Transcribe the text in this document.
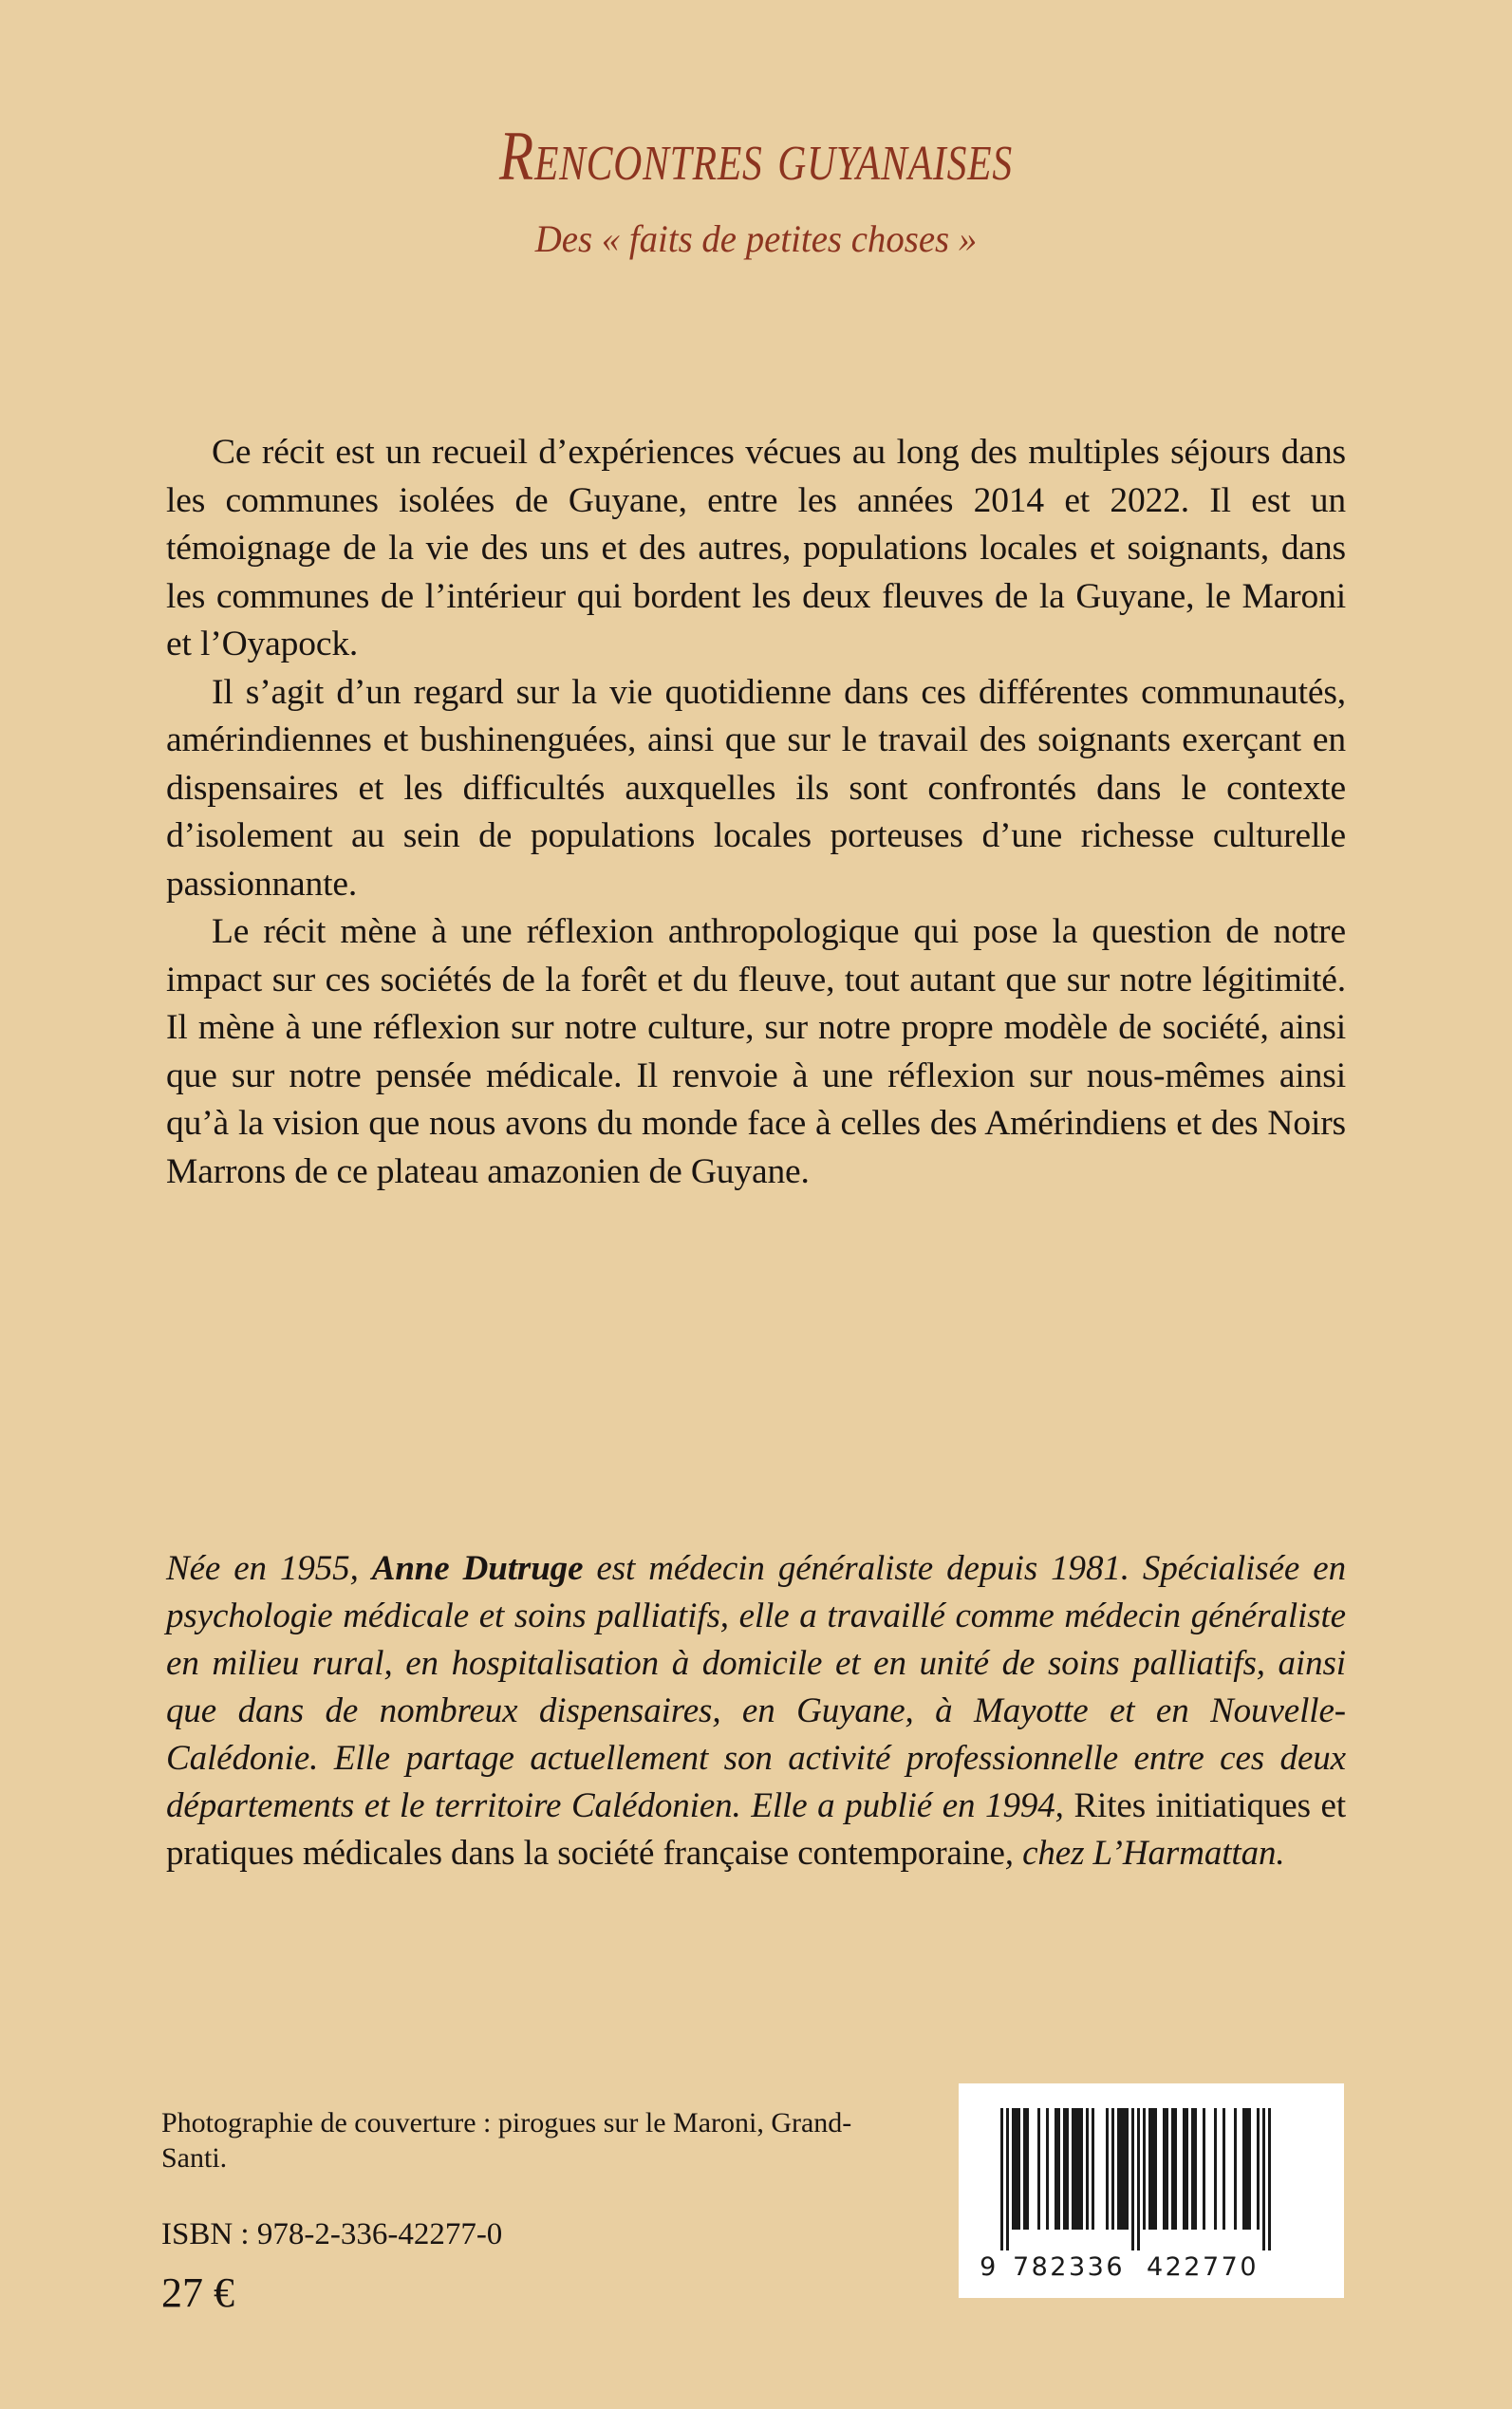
Rencontres guyanaises
Des « faits de petites choses »

Ce récit est un recueil d’expériences vécues au long des multiples séjours dans les communes isolées de Guyane, entre les années 2014 et 2022. Il est un témoignage de la vie des uns et des autres, populations locales et soignants, dans les communes de l’intérieur qui bordent les deux fleuves de la Guyane, le Maroni et l’Oyapock.

Il s’agit d’un regard sur la vie quotidienne dans ces différentes communautés, amérindiennes et bushinenguées, ainsi que sur le travail des soignants exerçant en dispensaires et les difficultés auxquelles ils sont confrontés dans le contexte d’isolement au sein de populations locales porteuses d’une richesse culturelle passionnante.

Le récit mène à une réflexion anthropologique qui pose la question de notre impact sur ces sociétés de la forêt et du fleuve, tout autant que sur notre légitimité. Il mène à une réflexion sur notre culture, sur notre propre modèle de société, ainsi que sur notre pensée médicale. Il renvoie à une réflexion sur nous-mêmes ainsi qu’à la vision que nous avons du monde face à celles des Amérindiens et des Noirs Marrons de ce plateau amazonien de Guyane.

Née en 1955, Anne Dutruge est médecin généraliste depuis 1981. Spécialisée en psychologie médicale et soins palliatifs, elle a travaillé comme médecin généraliste en milieu rural, en hospitalisation à domicile et en unité de soins palliatifs, ainsi que dans de nombreux dispensaires, en Guyane, à Mayotte et en Nouvelle-Calédonie. Elle partage actuellement son activité professionnelle entre ces deux départements et le territoire Calédonien. Elle a publié en 1994, Rites initiatiques et pratiques médicales dans la société française contemporaine, chez L’Harmattan.

Photographie de couverture : pirogues sur le Maroni, Grand-Santi.
ISBN : 978-2-336-42277-0
27 €
9 782336 422770
